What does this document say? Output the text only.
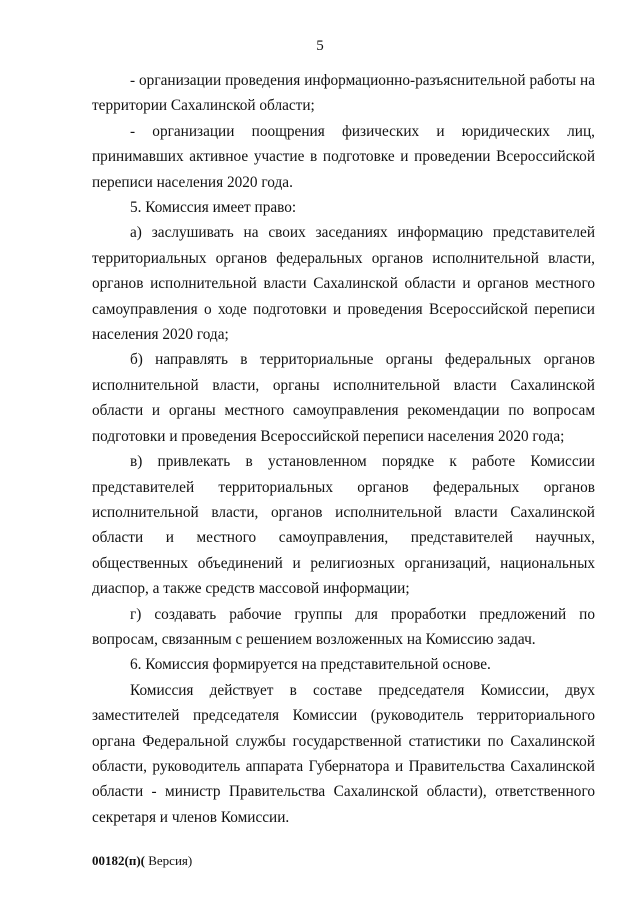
5

- организации проведения информационно-разъяснительной работы на территории Сахалинской области;

- организации поощрения физических и юридических лиц, принимавших активное участие в подготовке и проведении Всероссийской переписи населения 2020 года.

5. Комиссия имеет право:

а) заслушивать на своих заседаниях информацию представителей территориальных органов федеральных органов исполнительной власти, органов исполнительной власти Сахалинской области и органов местного самоуправления о ходе подготовки и проведения Всероссийской переписи населения 2020 года;

б) направлять в территориальные органы федеральных органов исполнительной власти, органы исполнительной власти Сахалинской области и органы местного самоуправления рекомендации по вопросам подготовки и проведения Всероссийской переписи населения 2020 года;

в) привлекать в установленном порядке к работе Комиссии представителей территориальных органов федеральных органов исполнительной власти, органов исполнительной власти Сахалинской области и местного самоуправления, представителей научных, общественных объединений и религиозных организаций, национальных диаспор, а также средств массовой информации;

г) создавать рабочие группы для проработки предложений по вопросам, связанным с решением возложенных на Комиссию задач.

6. Комиссия формируется на представительной основе.

Комиссия действует в составе председателя Комиссии, двух заместителей председателя Комиссии (руководитель территориального органа Федеральной службы государственной статистики по Сахалинской области, руководитель аппарата Губернатора и Правительства Сахалинской области - министр Правительства Сахалинской области), ответственного секретаря и членов Комиссии.

00182(п)( Версия)
